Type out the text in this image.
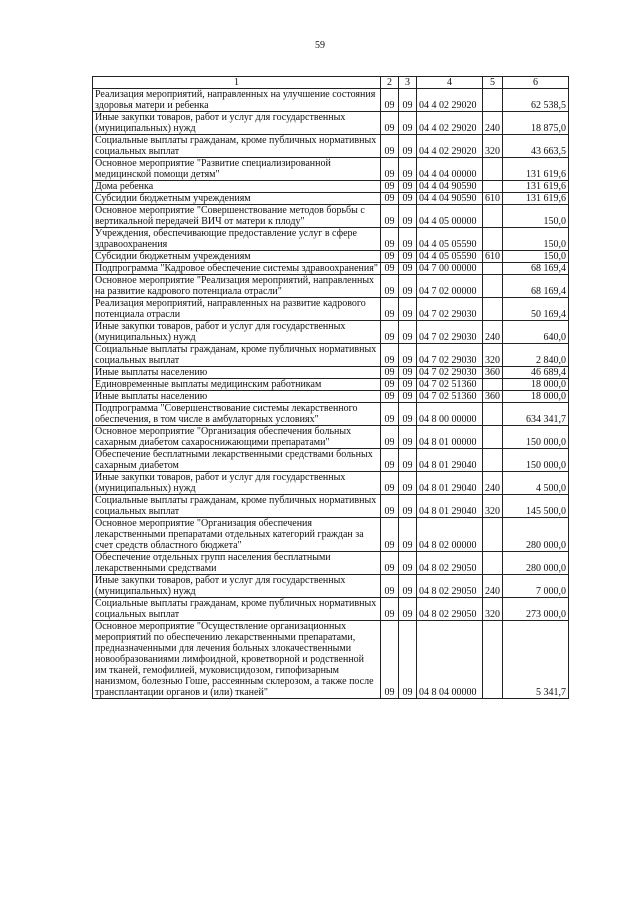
59
1	2	3	4	5	6
Реализация мероприятий, направленных на улучшение состояния здоровья матери и ребенка	09	09	04 4 02 29020		62 538,5
Иные закупки товаров, работ и услуг для государственных (муниципальных) нужд	09	09	04 4 02 29020	240	18 875,0
Социальные выплаты гражданам, кроме публичных нормативных социальных выплат	09	09	04 4 02 29020	320	43 663,5
Основное мероприятие "Развитие специализированной медицинской помощи детям"	09	09	04 4 04 00000		131 619,6
Дома ребенка	09	09	04 4 04 90590		131 619,6
Субсидии бюджетным учреждениям	09	09	04 4 04 90590	610	131 619,6
Основное мероприятие "Совершенствование методов борьбы с вертикальной передачей ВИЧ от матери к плоду"	09	09	04 4 05 00000		150,0
Учреждения, обеспечивающие предоставление услуг в сфере здравоохранения	09	09	04 4 05 05590		150,0
Субсидии бюджетным учреждениям	09	09	04 4 05 05590	610	150,0
Подпрограмма "Кадровое обеспечение системы здравоохранения"	09	09	04 7 00 00000		68 169,4
Основное мероприятие "Реализация мероприятий, направленных на развитие кадрового потенциала отрасли"	09	09	04 7 02 00000		68 169,4
Реализация мероприятий, направленных на развитие кадрового потенциала отрасли	09	09	04 7 02 29030		50 169,4
Иные закупки товаров, работ и услуг для государственных (муниципальных) нужд	09	09	04 7 02 29030	240	640,0
Социальные выплаты гражданам, кроме публичных нормативных социальных выплат	09	09	04 7 02 29030	320	2 840,0
Иные выплаты населению	09	09	04 7 02 29030	360	46 689,4
Единовременные выплаты медицинским работникам	09	09	04 7 02 51360		18 000,0
Иные выплаты населению	09	09	04 7 02 51360	360	18 000,0
Подпрограмма "Совершенствование системы лекарственного обеспечения, в том числе в амбулаторных условиях"	09	09	04 8 00 00000		634 341,7
Основное мероприятие "Организация обеспечения больных сахарным диабетом сахароснижающими препаратами"	09	09	04 8 01 00000		150 000,0
Обеспечение бесплатными лекарственными средствами больных сахарным диабетом	09	09	04 8 01 29040		150 000,0
Иные закупки товаров, работ и услуг для государственных (муниципальных) нужд	09	09	04 8 01 29040	240	4 500,0
Социальные выплаты гражданам, кроме публичных нормативных социальных выплат	09	09	04 8 01 29040	320	145 500,0
Основное мероприятие "Организация обеспечения лекарственными препаратами отдельных категорий граждан за счет средств областного бюджета"	09	09	04 8 02 00000		280 000,0
Обеспечение отдельных групп населения бесплатными лекарственными средствами	09	09	04 8 02 29050		280 000,0
Иные закупки товаров, работ и услуг для государственных (муниципальных) нужд	09	09	04 8 02 29050	240	7 000,0
Социальные выплаты гражданам, кроме публичных нормативных социальных выплат	09	09	04 8 02 29050	320	273 000,0
Основное мероприятие "Осуществление организационных мероприятий по обеспечению лекарственными препаратами, предназначенными для лечения больных злокачественными новообразованиями лимфоидной, кроветворной и родственной им тканей, гемофилией, муковисцидозом, гипофизарным нанизмом, болезнью Гоше, рассеянным склерозом, а также после трансплантации органов и (или) тканей"	09	09	04 8 04 00000		5 341,7
